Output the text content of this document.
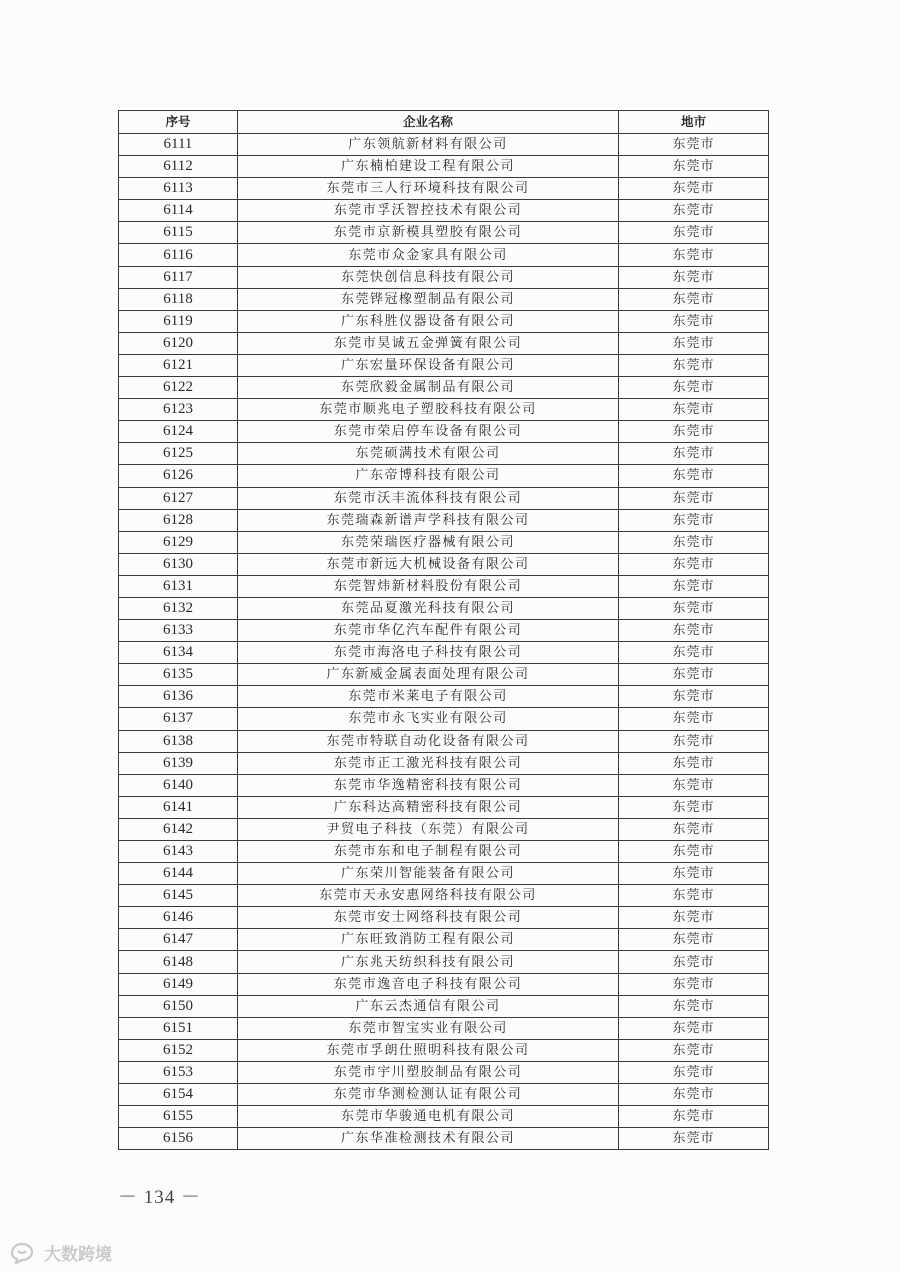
序号	企业名称	地市
6111	广东领航新材料有限公司	东莞市
6112	广东楠柏建设工程有限公司	东莞市
6113	东莞市三人行环境科技有限公司	东莞市
6114	东莞市孚沃智控技术有限公司	东莞市
6115	东莞市京新模具塑胶有限公司	东莞市
6116	东莞市众金家具有限公司	东莞市
6117	东莞快创信息科技有限公司	东莞市
6118	东莞铧冠橡塑制品有限公司	东莞市
6119	广东科胜仪器设备有限公司	东莞市
6120	东莞市昊诚五金弹簧有限公司	东莞市
6121	广东宏量环保设备有限公司	东莞市
6122	东莞欣毅金属制品有限公司	东莞市
6123	东莞市顺兆电子塑胶科技有限公司	东莞市
6124	东莞市荣启停车设备有限公司	东莞市
6125	东莞硕满技术有限公司	东莞市
6126	广东帝博科技有限公司	东莞市
6127	东莞市沃丰流体科技有限公司	东莞市
6128	东莞瑞森新谱声学科技有限公司	东莞市
6129	东莞荣瑞医疗器械有限公司	东莞市
6130	东莞市新远大机械设备有限公司	东莞市
6131	东莞智炜新材料股份有限公司	东莞市
6132	东莞品夏激光科技有限公司	东莞市
6133	东莞市华亿汽车配件有限公司	东莞市
6134	东莞市海洛电子科技有限公司	东莞市
6135	广东新威金属表面处理有限公司	东莞市
6136	东莞市米莱电子有限公司	东莞市
6137	东莞市永飞实业有限公司	东莞市
6138	东莞市特联自动化设备有限公司	东莞市
6139	东莞市正工激光科技有限公司	东莞市
6140	东莞市华逸精密科技有限公司	东莞市
6141	广东科达高精密科技有限公司	东莞市
6142	尹贸电子科技（东莞）有限公司	东莞市
6143	东莞市东和电子制程有限公司	东莞市
6144	广东荣川智能装备有限公司	东莞市
6145	东莞市天永安惠网络科技有限公司	东莞市
6146	东莞市安士网络科技有限公司	东莞市
6147	广东旺致消防工程有限公司	东莞市
6148	广东兆天纺织科技有限公司	东莞市
6149	东莞市逸音电子科技有限公司	东莞市
6150	广东云杰通信有限公司	东莞市
6151	东莞市智宝实业有限公司	东莞市
6152	东莞市孚朗仕照明科技有限公司	东莞市
6153	东莞市宇川塑胶制品有限公司	东莞市
6154	东莞市华测检测认证有限公司	东莞市
6155	东莞市华骏通电机有限公司	东莞市
6156	广东华准检测技术有限公司	东莞市
－ 134 －
大数跨境
